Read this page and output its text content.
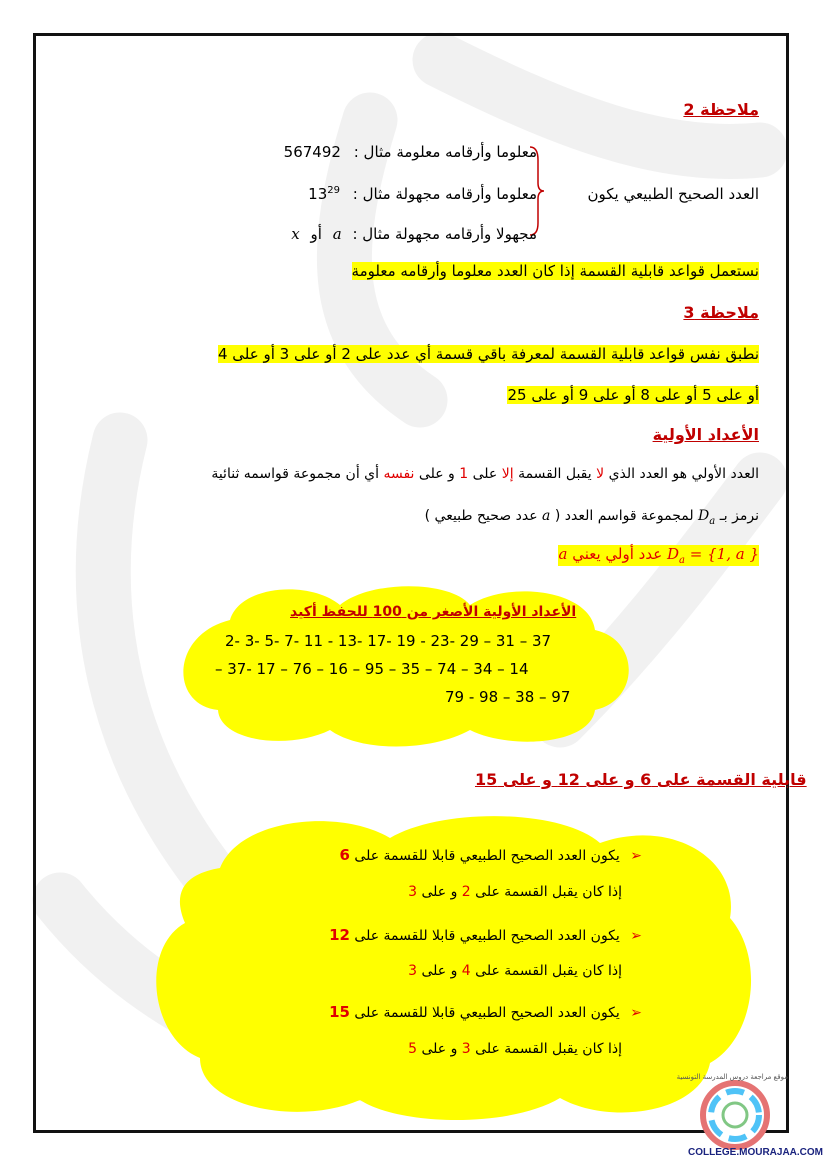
ملاحظة 2
معلوما وأرقامه معلومة مثال : 567492
العدد الصحيح الطبيعي يكون
معلوما وأرقامه مجهولة مثال : $13^{29}$
مجهولا وأرقامه مجهولة مثال : a أو x
نستعمل قواعد قابلية القسمة إذا كان العدد معلوما وأرقامه معلومة
ملاحظة 3
نطبق نفس قواعد قابلية القسمة لمعرفة باقي قسمة أي عدد على 2 أو على 3 أو على 4
أو على 5 أو على 8 أو على 9 أو على 25
الأعداد الأولية
العدد الأولي هو العدد الذي لا يقبل القسمة إلا على 1 و على نفسه أي أن مجموعة قواسمه ثنائية
نرمز بـ $D_a$ لمجموعة قواسم العدد ( a عدد صحيح طبيعي )
a عدد أولي يعني $D_a = \{1$, a }
الأعداد الأولية الأصغر من 100 للحفظ أكيد
2- 3- 5- 7- 11 - 13- 17- 19 - 23- 29 – 31 – 37
41 – 43 – 47 – 53 – 59 – 61 – 67 – 71 -73 –
79 – 83 – 89 - 97
قابلية القسمة على 6 و على 12 و على 15
➢ يكون العدد الصحيح الطبيعي قابلا للقسمة على 6
إذا كان يقبل القسمة على 2 و على 3
➢ يكون العدد الصحيح الطبيعي قابلا للقسمة على 12
إذا كان يقبل القسمة على 4 و على 3
➢ يكون العدد الصحيح الطبيعي قابلا للقسمة على 15
إذا كان يقبل القسمة على 3 و على 5
موقع مراجعة دروس المدرسة التونسية
COLLEGE.MOURAJAA.COM
